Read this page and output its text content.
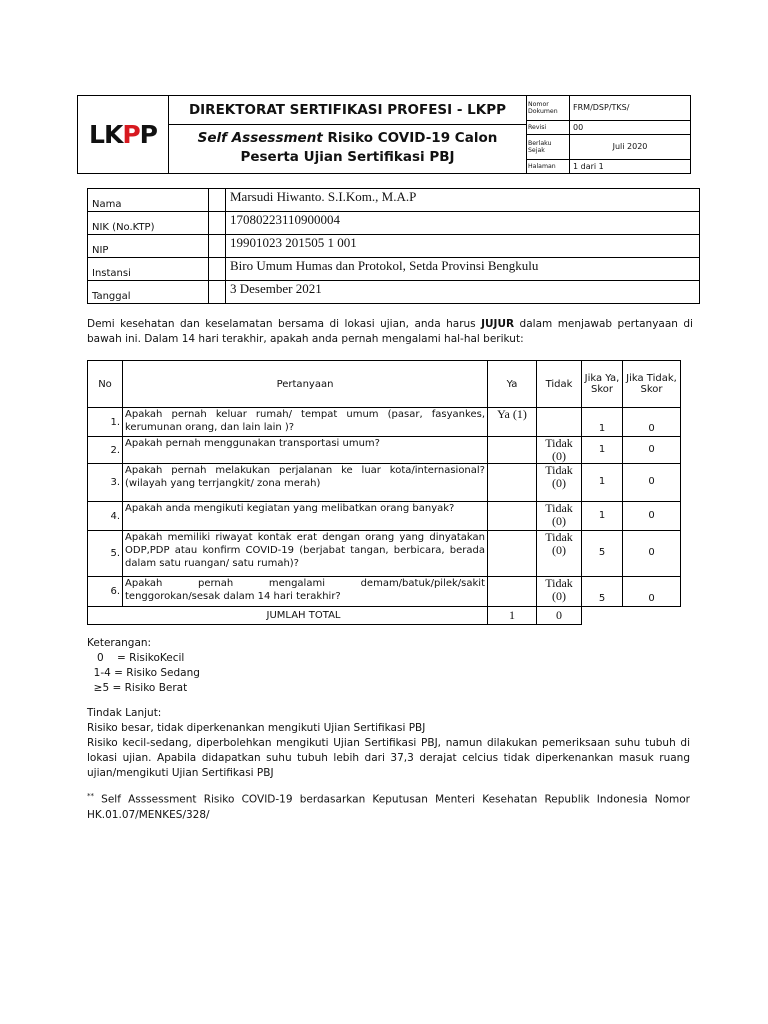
LKPP	DIREKTORAT SERTIFIKASI PROFESI - LKPP
Self Assessment Risiko COVID-19 Calon
Peserta Ujian Sertifikasi PBJ	Nomor Dokumen	FRM/DSP/TKS/
		Revisi	00
		Berlaku Sejak	Juli 2020
		Halaman	1 dari 1
Nama		Marsudi Hiwanto. S.I.Kom., M.A.P
NIK (No.KTP)		17080223110900004
NIP		19901023 201505 1 001
Instansi		Biro Umum Humas dan Protokol, Setda Provinsi Bengkulu
Tanggal		3 Desember 2021
Demi kesehatan dan keselamatan bersama di lokasi ujian, anda harus JUJUR dalam menjawab pertanyaan di bawah ini. Dalam 14 hari terakhir, apakah anda pernah mengalami hal-hal berikut:
No	Pertanyaan	Ya	Tidak	Jika Ya, Skor	Jika Tidak, Skor
1.	Apakah pernah keluar rumah/ tempat umum (pasar, fasyankes, kerumunan orang, dan lain lain )?	Ya (1)		1	0
2.	Apakah pernah menggunakan transportasi umum?		Tidak (0)	1	0
3.	Apakah pernah melakukan perjalanan ke luar kota/internasional? (wilayah yang terrjangkit/ zona merah)		Tidak (0)	1	0
4.	Apakah anda mengikuti kegiatan yang melibatkan orang banyak?		Tidak (0)	1	0
5.	Apakah memiliki riwayat kontak erat dengan orang yang dinyatakan ODP,PDP atau konfirm COVID-19 (berjabat tangan, berbicara, berada dalam satu ruangan/ satu rumah)?		Tidak (0)	5	0
6.	Apakah pernah mengalami demam/batuk/pilek/sakit tenggorokan/sesak dalam 14 hari terakhir?		Tidak (0)	5	0
JUMLAH TOTAL		1	0		
Keterangan:
0    = RisikoKecil
1-4 = Risiko Sedang
≥5 = Risiko Berat

Tindak Lanjut:

Risiko besar, tidak diperkenankan mengikuti Ujian Sertifikasi PBJ

Risiko kecil-sedang, diperbolehkan mengikuti Ujian Sertifikasi PBJ, namun dilakukan pemeriksaan suhu tubuh di lokasi ujian. Apabila didapatkan suhu tubuh lebih dari 37,3 derajat celcius tidak diperkenankan masuk ruang ujian/mengikuti Ujian Sertifikasi PBJ

** Self Asssessment Risiko COVID-19 berdasarkan Keputusan Menteri Kesehatan Republik Indonesia Nomor HK.01.07/MENKES/328/
